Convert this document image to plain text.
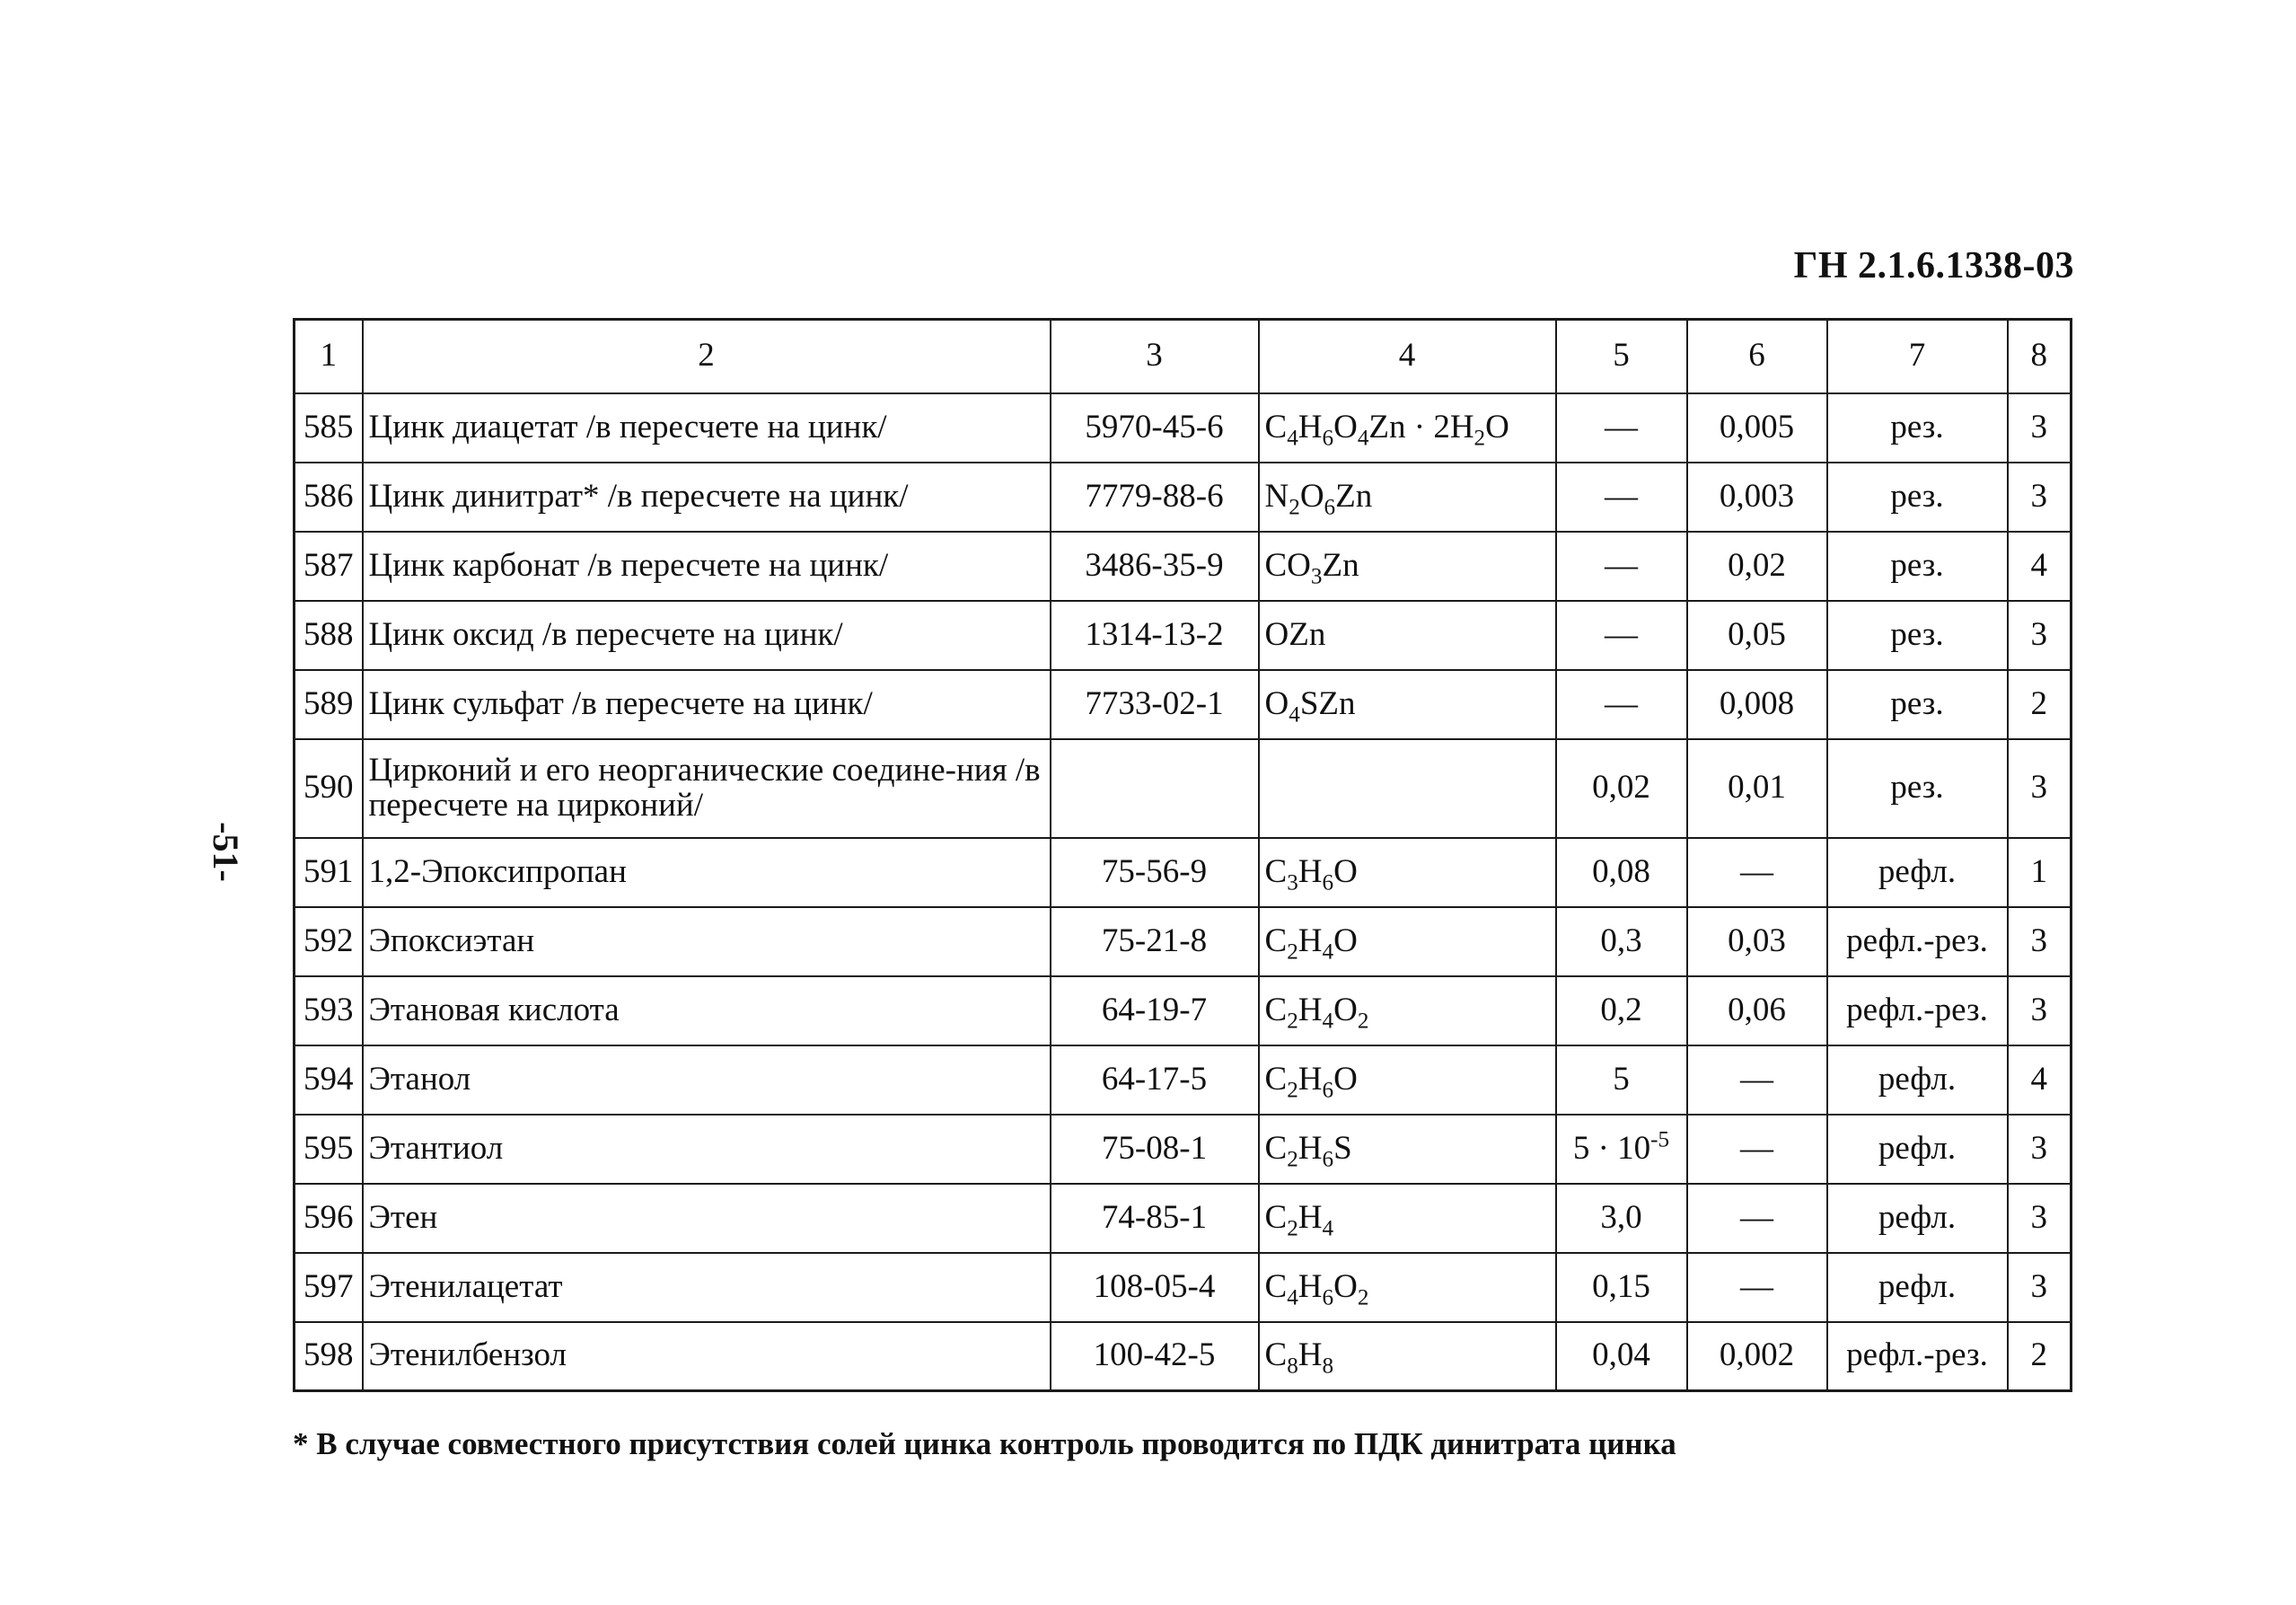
ГН 2.1.6.1338-03
-51-
1	2	3	4	5	6	7	8
585	Цинк диацетат /в пересчете на цинк/	5970-45-6	$C_4H_6O_4Zn \cdot 2H_2O$	—	0,005	рез.	3
586	Цинк динитрат* /в пересчете на цинк/	7779-88-6	$N_2O_6Zn$	—	0,003	рез.	3
587	Цинк карбонат /в пересчете на цинк/	3486-35-9	$CO_3Zn$	—	0,02	рез.	4
588	Цинк оксид /в пересчете на цинк/	1314-13-2	OZn	—	0,05	рез.	3
589	Цинк сульфат /в пересчете на цинк/	7733-02-1	$O_4SZn$	—	0,008	рез.	2
590	Цирконий и его неорганические соедине-ния /в пересчете на цирконий/			0,02	0,01	рез.	3
591	1,2-Эпоксипропан	75-56-9	$C_3H_6O$	0,08	—	рефл.	1
592	Эпоксиэтан	75-21-8	$C_2H_4O$	0,3	0,03	рефл.-рез.	3
593	Этановая кислота	64-19-7	$C_2H_4O_2$	0,2	0,06	рефл.-рез.	3
594	Этанол	64-17-5	$C_2H_6O$	5	—	рефл.	4
595	Этантиол	75-08-1	$C_2H_6S$	$5 \cdot 10^{-5}$	—	рефл.	3
596	Этен	74-85-1	$C_2H_4$	3,0	—	рефл.	3
597	Этенилацетат	108-05-4	$C_4H_6O_2$	0,15	—	рефл.	3
598	Этенилбензол	100-42-5	$C_8H_8$	0,04	0,002	рефл.-рез.	2
* В случае совместного присутствия солей цинка контроль проводится по ПДК динитрата цинка
